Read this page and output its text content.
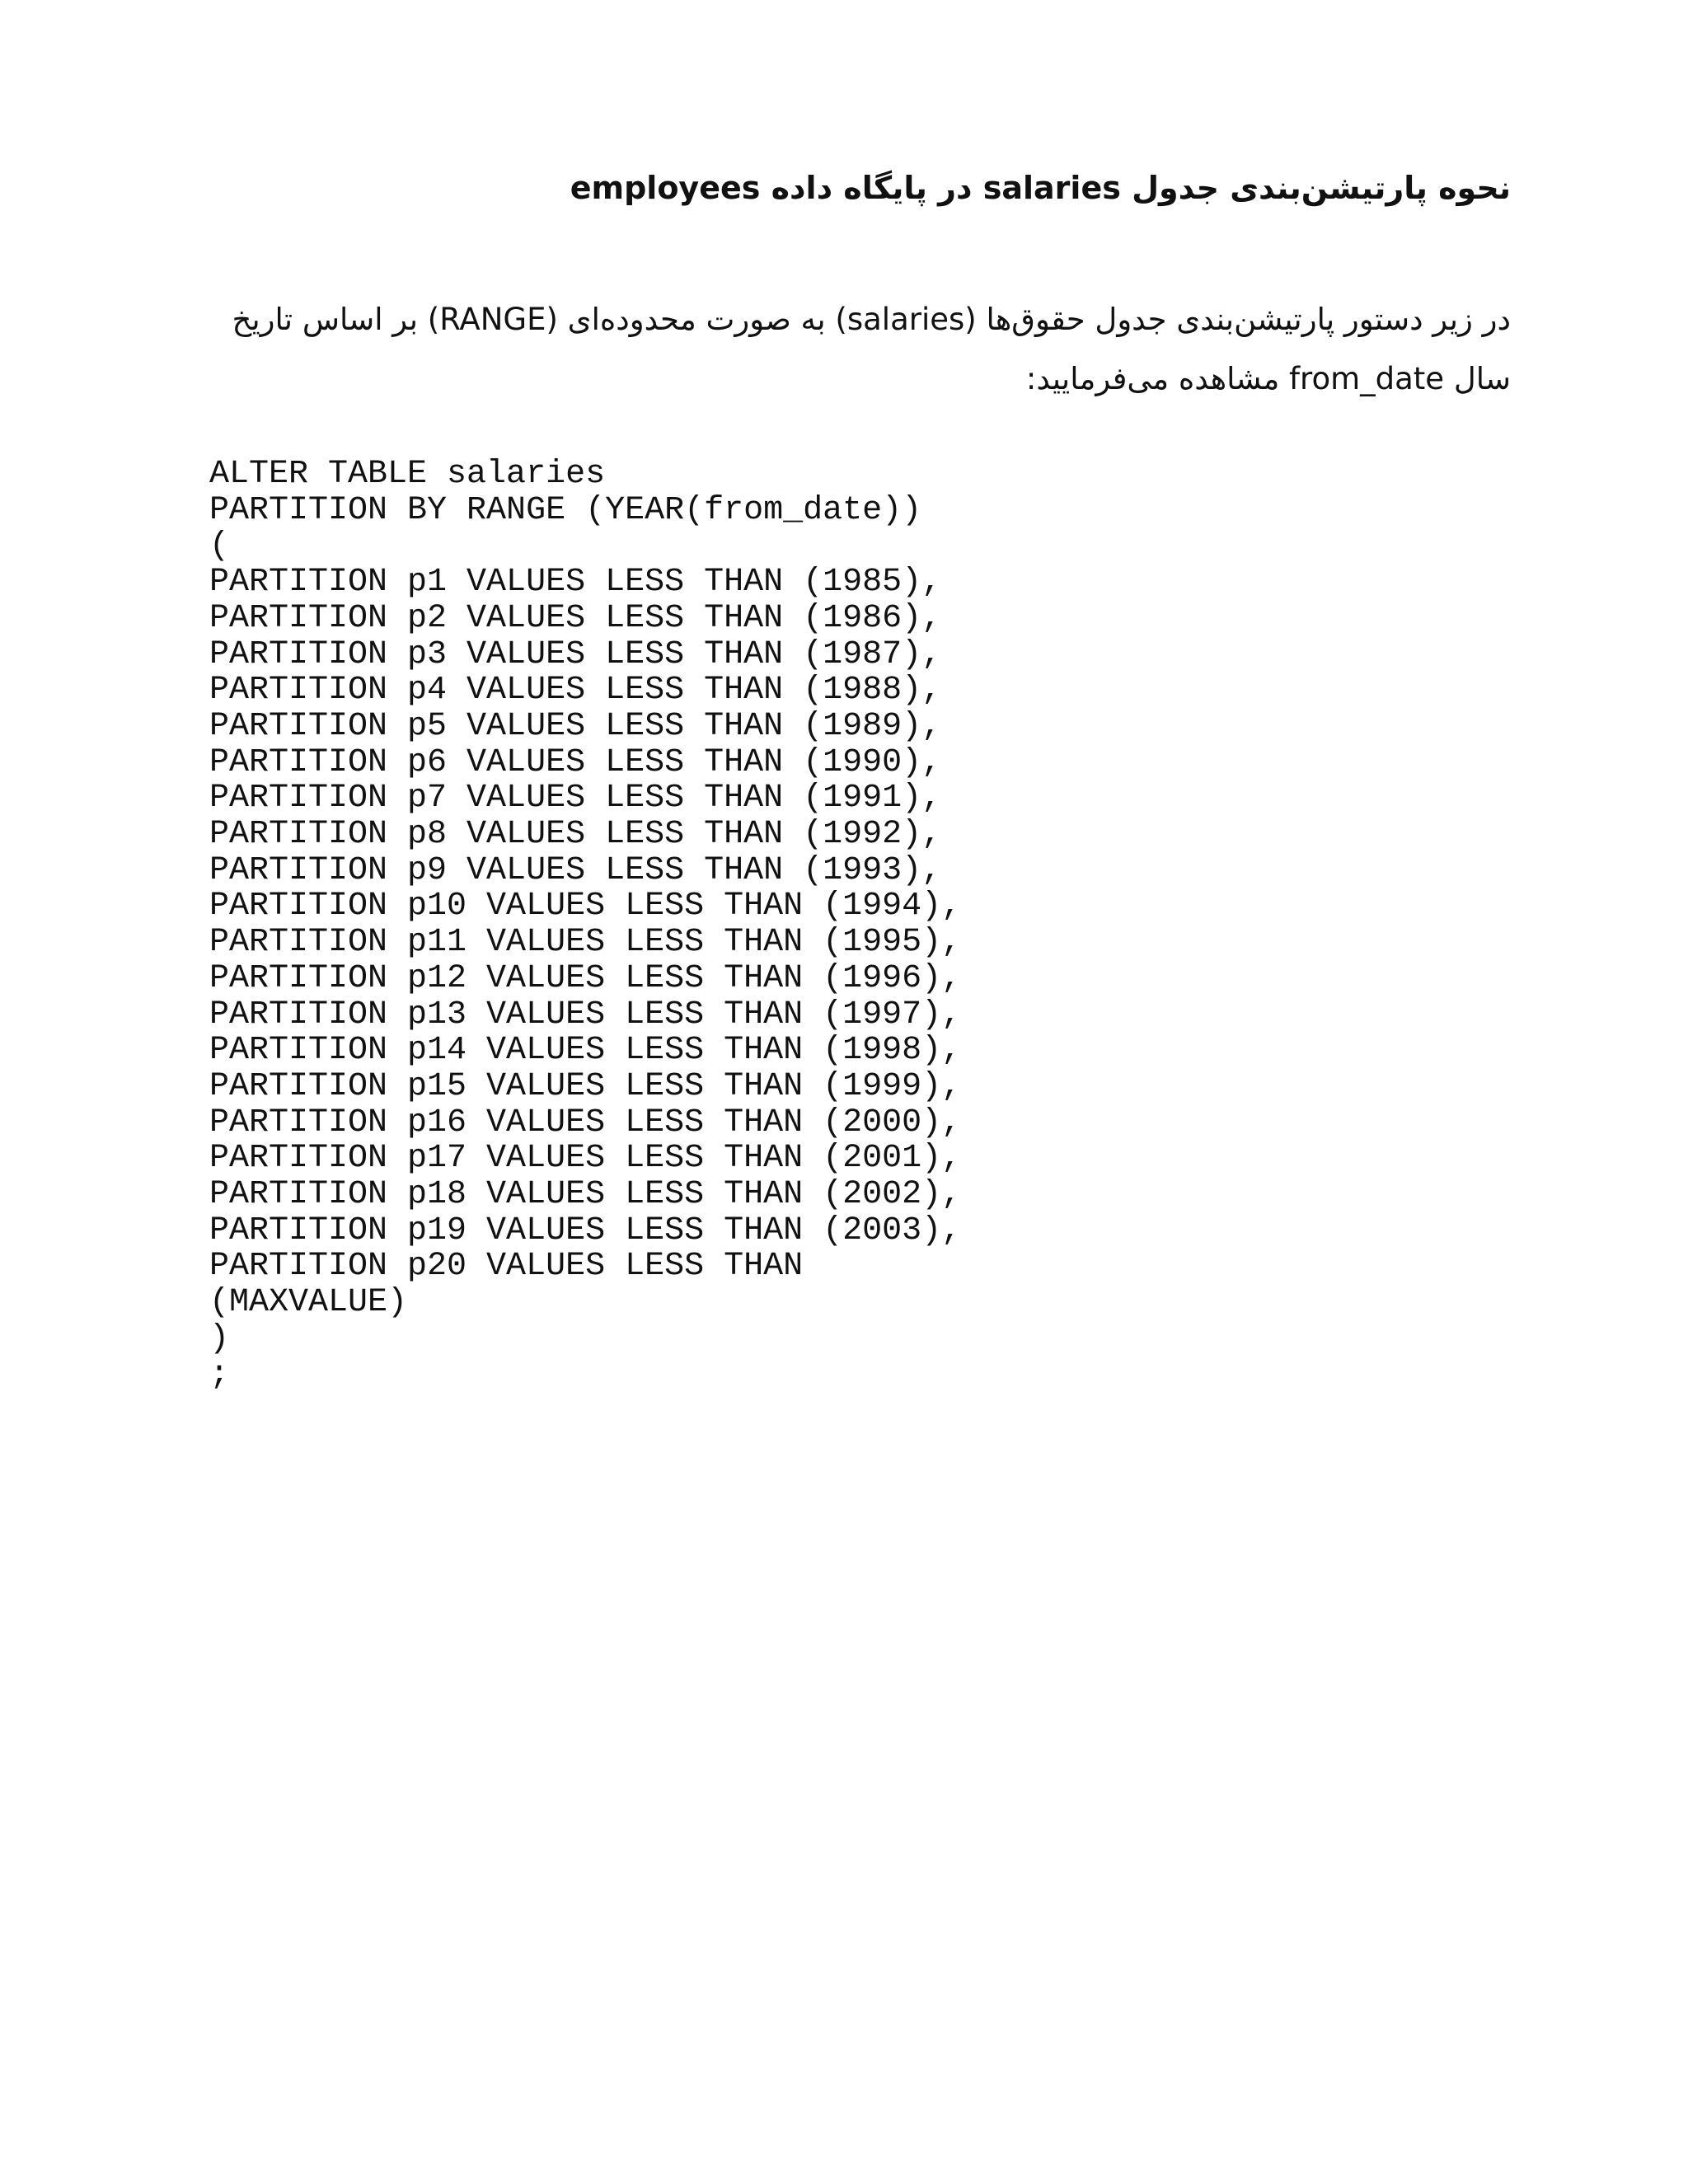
نحوه پارتیشن‌بندی جدول salaries در پایگاه داده employees
در زیر دستور پارتیشن‌بندی جدول حقوق‌ها (salaries) به صورت محدوده‌ای (RANGE) بر اساس تاریخ
سال from_date مشاهده می‌فرمایید:
ALTER TABLE salaries
PARTITION BY RANGE (YEAR(from_date))
(
PARTITION p1 VALUES LESS THAN (1985),
PARTITION p2 VALUES LESS THAN (1986),
PARTITION p3 VALUES LESS THAN (1987),
PARTITION p4 VALUES LESS THAN (1988),
PARTITION p5 VALUES LESS THAN (1989),
PARTITION p6 VALUES LESS THAN (1990),
PARTITION p7 VALUES LESS THAN (1991),
PARTITION p8 VALUES LESS THAN (1992),
PARTITION p9 VALUES LESS THAN (1993),
PARTITION p10 VALUES LESS THAN (1994),
PARTITION p11 VALUES LESS THAN (1995),
PARTITION p12 VALUES LESS THAN (1996),
PARTITION p13 VALUES LESS THAN (1997),
PARTITION p14 VALUES LESS THAN (1998),
PARTITION p15 VALUES LESS THAN (1999),
PARTITION p16 VALUES LESS THAN (2000),
PARTITION p17 VALUES LESS THAN (2001),
PARTITION p18 VALUES LESS THAN (2002),
PARTITION p19 VALUES LESS THAN (2003),
PARTITION p20 VALUES LESS THAN
(MAXVALUE)
)
;
